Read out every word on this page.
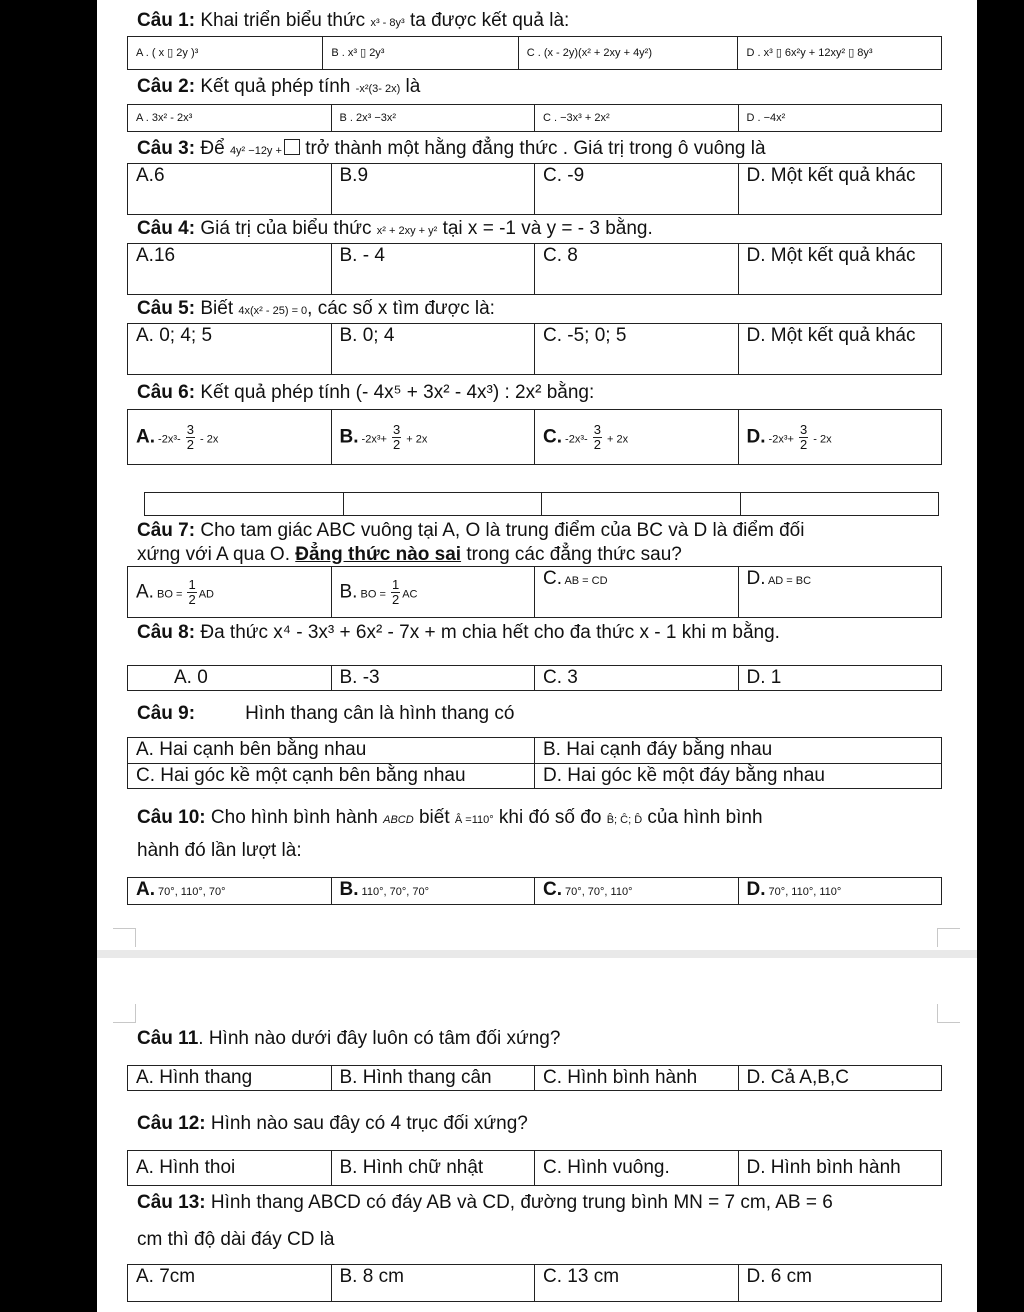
Câu 1: Khai triển biểu thức x³ - 8y³ ta được kết quả là:
A . ( x ▯ 2y )³	B . x³ ▯ 2y³	C . (x - 2y)(x² + 2xy + 4y²)	D . x³ ▯ 6x²y + 12xy² ▯ 8y³
Câu 2: Kết quả phép tính -x²(3- 2x) là
A . 3x² - 2x³	B . 2x³ −3x²	C . −3x³ + 2x²	D . −4x²
Câu 3: Để 4y² −12y + trở thành một hằng đẳng thức . Giá trị trong ô vuông là
A.6	B.9	C. -9	D. Một kết quả khác
Câu 4: Giá trị của biểu thức x² + 2xy + y² tại x = -1 và y = - 3 bằng.
A.16	B. - 4	C. 8	D. Một kết quả khác
Câu 5: Biết 4x(x² - 25) = 0, các số x tìm được là:
A. 0; 4; 5	B. 0; 4	C. -5; 0; 5	D. Một kết quả khác
Câu 6: Kết quả phép tính (- 4x⁵ + 3x² - 4x³) : 2x² bằng:
A. $-2x^3- \frac{3}{2} - 2x$	B. $-2x^3+ \frac{3}{2} + 2x$	C. $-2x^3- \frac{3}{2} + 2x$	D. $-2x^3+ \frac{3}{2} - 2x$

Câu 7: Cho tam giác ABC vuông tại A, O là trung điểm của BC và D là điểm đối
xứng với A qua O. Đẳng thức nào sai trong các đẳng thức sau?
A. BO = $\frac{1}{2}$ AD	B. BO = $\frac{1}{2}$ AC	C. AB = CD	D. AD = BC
Câu 8: Đa thức x⁴ - 3x³ + 6x² - 7x + m chia hết cho đa thức x - 1 khi m bằng.
A. 0	B. -3	C. 3	D. 1
Câu 9:	Hình thang cân là hình thang có
A. Hai cạnh bên bằng nhau	B. Hai cạnh đáy bằng nhau
C. Hai góc kề một cạnh bên bằng nhau	D. Hai góc kề một đáy bằng nhau
Câu 10: Cho hình bình hành ABCD biết Â =110° khi đó số đo B̂; Ĉ; D̂ của hình bình
hành đó lần lượt là:
A. 70°, 110°, 70°	B. 110°, 70°, 70°	C. 70°, 70°, 110°	D. 70°, 110°, 110°
Câu 11. Hình nào dưới đây luôn có tâm đối xứng?
A. Hình thang	B. Hình thang cân	C. Hình bình hành	D. Cả A,B,C
Câu 12: Hình nào sau đây có 4 trục đối xứng?
A. Hình thoi	B. Hình chữ nhật	C. Hình vuông.	D. Hình bình hành
Câu 13: Hình thang ABCD có đáy AB và CD, đường trung bình MN = 7 cm, AB = 6
cm thì độ dài đáy CD là
A. 7cm	B. 8 cm	C. 13 cm	D. 6 cm
